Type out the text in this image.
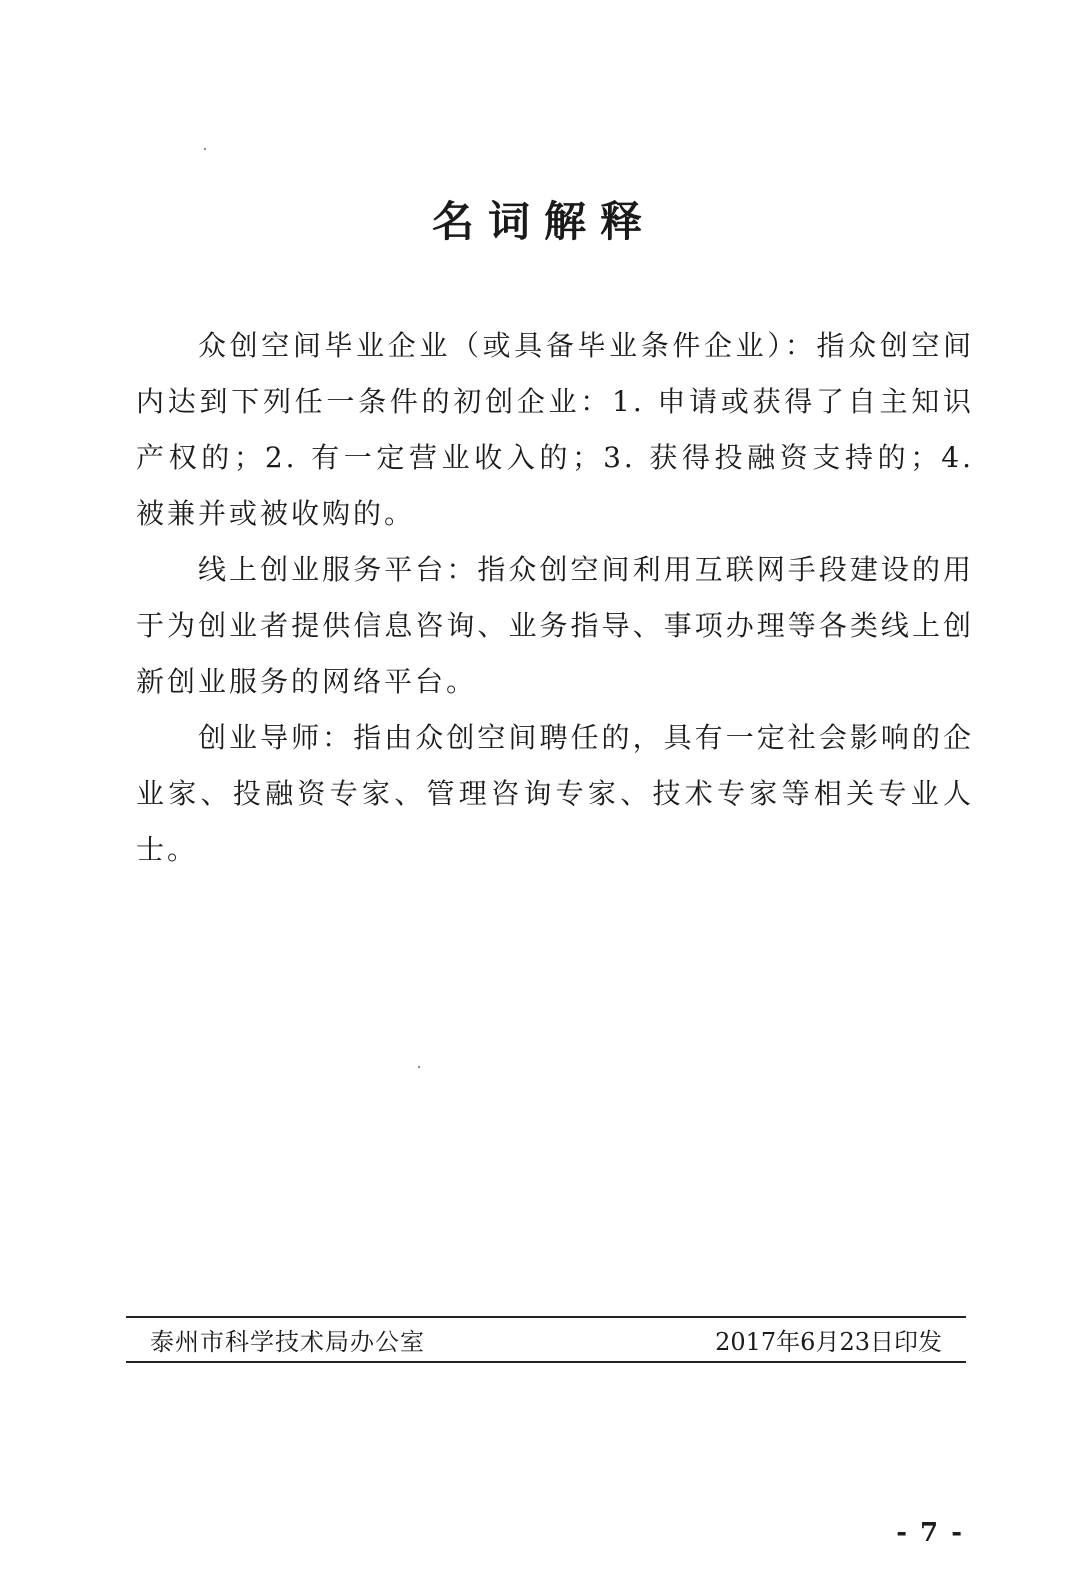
名词解释

众创空间毕业企业（或具备毕业条件企业）：指众创空间内达到下列任一条件的初创企业：1. 申请或获得了自主知识产权的；2. 有一定营业收入的；3. 获得投融资支持的；4. 被兼并或被收购的。

线上创业服务平台：指众创空间利用互联网手段建设的用于为创业者提供信息咨询、业务指导、事项办理等各类线上创新创业服务的网络平台。

创业导师：指由众创空间聘任的，具有一定社会影响的企业家、投融资专家、管理咨询专家、技术专家等相关专业人士。

泰州市科学技术局办公室	2017年6月23日印发
- 7 -
